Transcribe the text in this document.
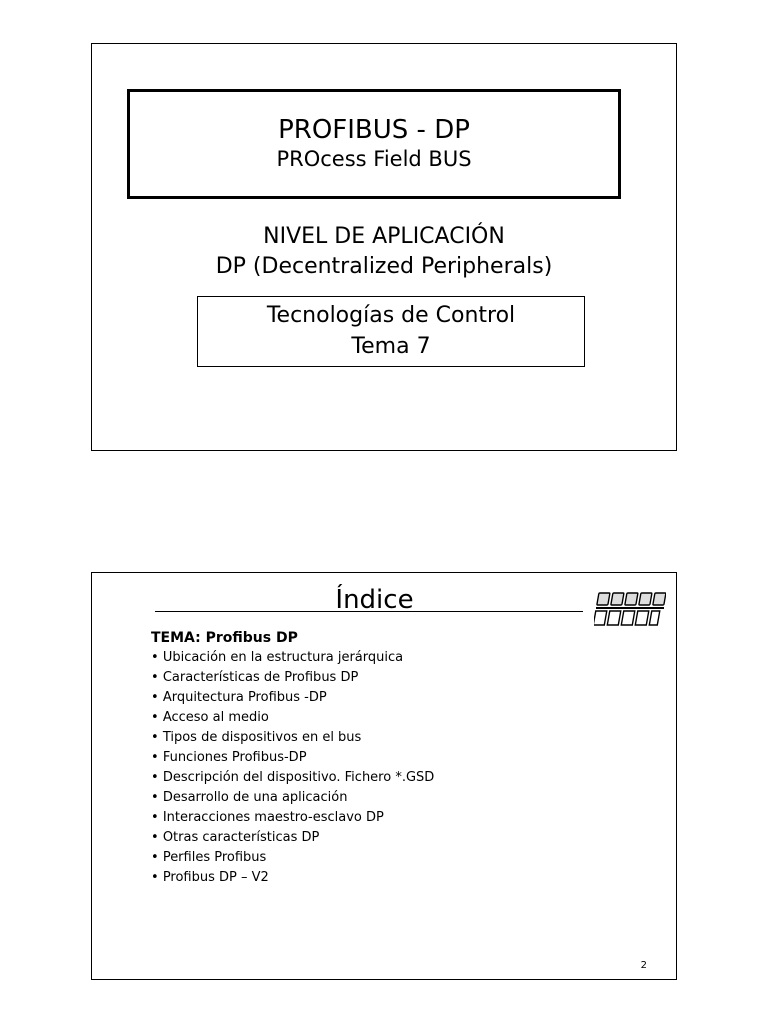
PROFIBUS - DP
PROcess Field BUS
NIVEL DE APLICACIÓN
DP (Decentralized Peripherals)
Tecnologías de Control
Tema 7
Índice
TEMA: Profibus DP
• Ubicación en la estructura jerárquica
• Características de Profibus DP
• Arquitectura Profibus -DP
• Acceso al medio
• Tipos de dispositivos en el bus
• Funciones Profibus-DP
• Descripción del dispositivo. Fichero *.GSD
• Desarrollo de una aplicación
• Interacciones maestro-esclavo DP
• Otras características DP
• Perfiles Profibus
• Profibus DP – V2
2
